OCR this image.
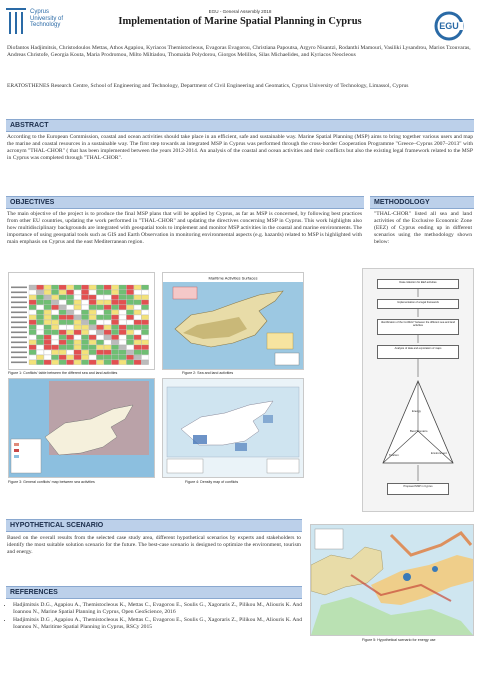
Cyprus
University of
Technology
EGU - General Assembly 2018
Implementation of Marine Spatial Planning in Cyprus	EGU
Diofantos Hadjimitsis, Christodoulos Mettas, Athos Agapiou, Kyriacos Themistocleous, Evagoras Evagorou, Christiana Papoutsa, Argyro Nisantzi, Rodanthi Mamouri, Vasiliki Lysandrou, Marios Tzouvaras, Andreas Christofe, Georgia Kouta, Maria Prodromou, Milto Miltiadou, Thomaida Polydorou, Giorgos Melillos, Silas Michaelides, and Kyriacos Neocleous
ERATOSTHENES Research Centre, School of Engineering and Technology, Department of Civil Engineering and Geomatics, Cyprus University of Technology, Limassol, Cyprus
ABSTRACT
According to the European Commission, coastal and ocean activities should take place in an efficient, safe and sustainable way. Marine Spatial Planning (MSP) aims to bring together various users and map the marine and coastal resources in a sustainable way. The first step towards an integrated MSP in Cyprus was performed through the cross-border Cooperation Programme "Greece–Cyprus 2007–2013" with acronym "THAL-CHOR" ( that has been implemented between the years 2012-2014. An analysis of the coastal and ocean activities and their conflicts but also the existing legal framework related to the MSP in Cyprus was completed through "THAL-CHOR".
OBJECTIVES
The main objective of the project is to produce the final MSP plans that will be applied by Cyprus, as far as MSP is concerned, by following best practices from other EU countries, updating the work performed in "THAL-CHOR" and updating the directives concerning MSP in Cyprus. This work highlights also how multidisciplinary backgrounds are integrated with geospatial tools to implement and monitor MSP activities in the coastal and marine environments. The importance of using geospatial tools such as GIS and Earth Observation in monitoring environmental aspects (e.g. hazards) related to MSP is highlighted with main emphasis on Cyprus and the east Mediterranean region.
Figure 1: Conflicts' table between the different sea and land activities
Maritime Activities Surfaces
Figure 2: Sea and land activities
Figure 3: General conflicts' map between sea activities	Figure 4: Density map of conflicts
METHODOLOGY
"THAL-CHOR" listed all sea and land activities of the Exclusive Economic Zone (EEZ) of Cyprus ending up in different scenarios using the methodology shown below:
Data collection for EEZ activities
Implementation of a legal framework
Identification of the Conflicts* between the different sea and land activities
Analysis of data and exportation of maps
Energy
Best Scenario
Tourism	Environment
Proposed MSP in Cyprus
HYPOTHETICAL SCENARIO
Based on the overall results from the selected case study area, different hypothetical scenarios by experts and stakeholders to identify the most suitable solution scenario for the future. The best-case scenario is designed to optimize the environment, tourism and energy.
REFERENCES
• Hadjimitsis D.G., Agapiou A., Themistocleous K., Mettas C., Evagorou E., Soulis G., Xagoraris Z., Pilikou M., Aliouris K. And Ioannou N., Marine Spatial Planning in Cyprus, Open GeoScience, 2016
• Hadjimitsis D.G , Agapiou A., Themistocleous K., Mettas C., Evagorou E., Soulis G., Xagoraris Z., Pilikou M., Aliouris K. And Ioannou N., Maritime Spatial Planning in Cyprus, RSCy 2015
Figure 5: Hypothetical scenario for energy use
